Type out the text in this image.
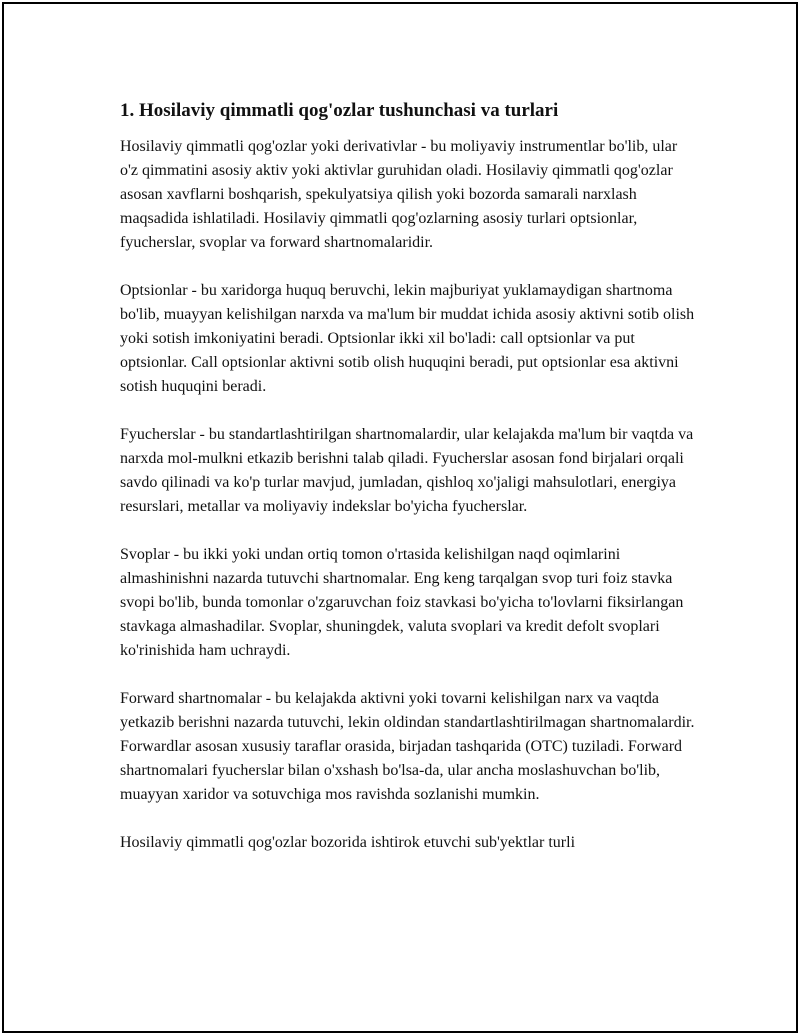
1. Hosilaviy qimmatli qog'ozlar tushunchasi va turlari

Hosilaviy qimmatli qog'ozlar yoki derivativlar - bu moliyaviy instrumentlar bo'lib, ular o'z qimmatini asosiy aktiv yoki aktivlar guruhidan oladi. Hosilaviy qimmatli qog'ozlar asosan xavflarni boshqarish, spekulyatsiya qilish yoki bozorda samarali narxlash maqsadida ishlatiladi. Hosilaviy qimmatli qog'ozlarning asosiy turlari optsionlar, fyucherslar, svoplar va forward shartnomalaridir.

Optsionlar - bu xaridorga huquq beruvchi, lekin majburiyat yuklamaydigan shartnoma bo'lib, muayyan kelishilgan narxda va ma'lum bir muddat ichida asosiy aktivni sotib olish yoki sotish imkoniyatini beradi. Optsionlar ikki xil bo'ladi: call optsionlar va put optsionlar. Call optsionlar aktivni sotib olish huquqini beradi, put optsionlar esa aktivni sotish huquqini beradi.

Fyucherslar - bu standartlashtirilgan shartnomalardir, ular kelajakda ma'lum bir vaqtda va narxda mol-mulkni etkazib berishni talab qiladi. Fyucherslar asosan fond birjalari orqali savdo qilinadi va ko'p turlar mavjud, jumladan, qishloq xo'jaligi mahsulotlari, energiya resurslari, metallar va moliyaviy indekslar bo'yicha fyucherslar.

Svoplar - bu ikki yoki undan ortiq tomon o'rtasida kelishilgan naqd oqimlarini almashinishni nazarda tutuvchi shartnomalar. Eng keng tarqalgan svop turi foiz stavka svopi bo'lib, bunda tomonlar o'zgaruvchan foiz stavkasi bo'yicha to'lovlarni fiksirlangan stavkaga almashadilar. Svoplar, shuningdek, valuta svoplari va kredit defolt svoplari ko'rinishida ham uchraydi.

Forward shartnomalar - bu kelajakda aktivni yoki tovarni kelishilgan narx va vaqtda yetkazib berishni nazarda tutuvchi, lekin oldindan standartlashtirilmagan shartnomalardir. Forwardlar asosan xususiy taraflar orasida, birjadan tashqarida (OTC) tuziladi. Forward shartnomalari fyucherslar bilan o'xshash bo'lsa-da, ular ancha moslashuvchan bo'lib, muayyan xaridor va sotuvchiga mos ravishda sozlanishi mumkin.

Hosilaviy qimmatli qog'ozlar bozorida ishtirok etuvchi sub'yektlar turli
